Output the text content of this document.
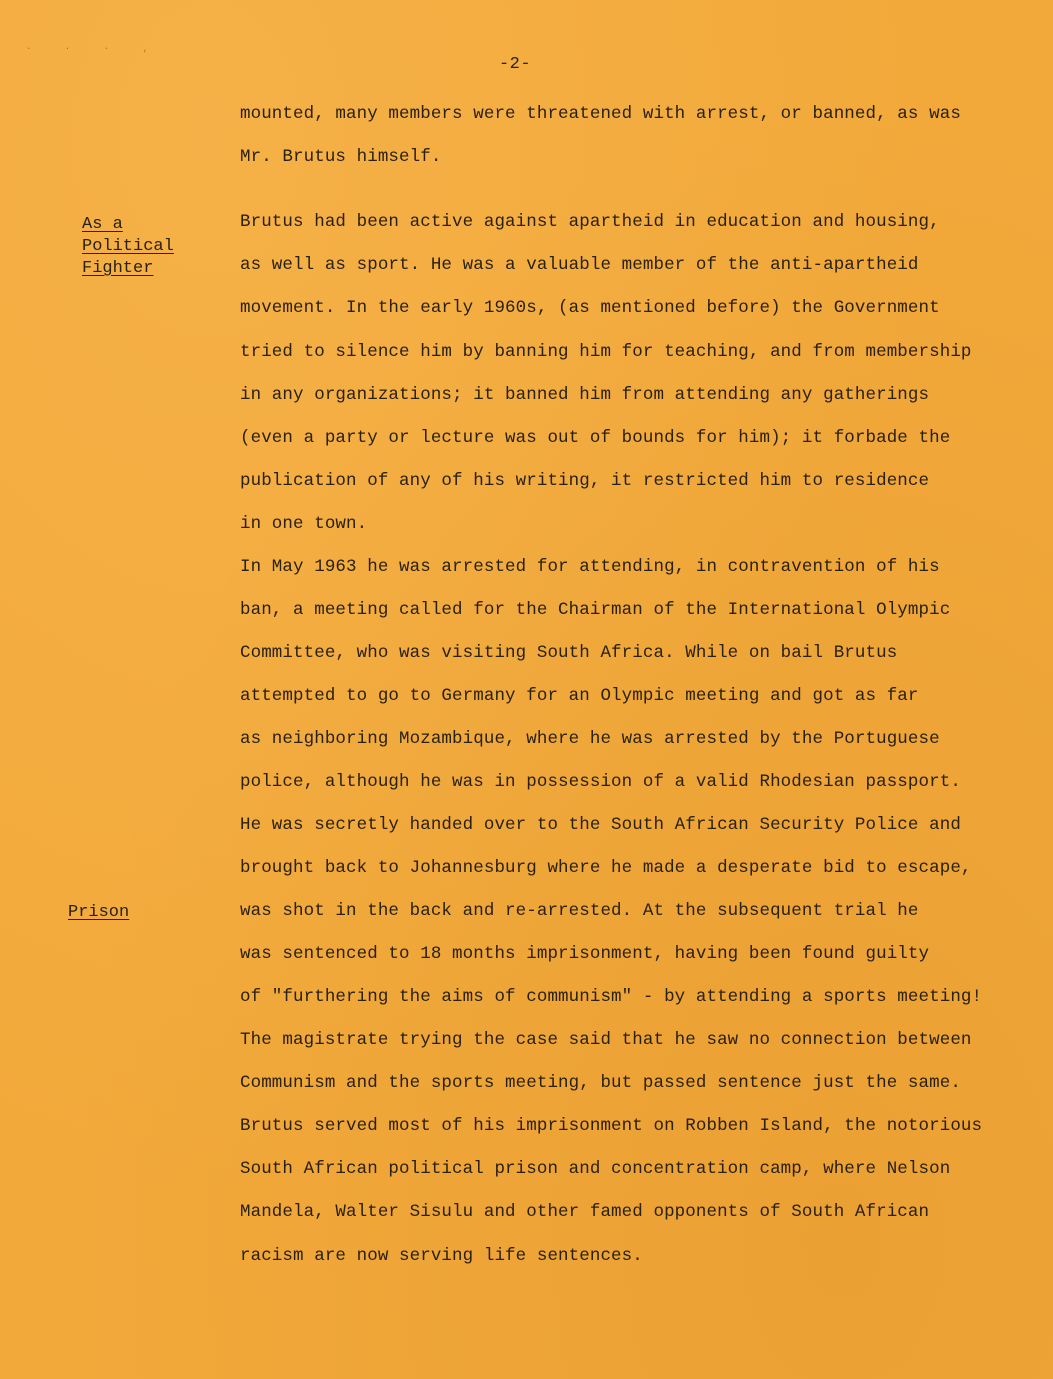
· · · ‚
-2-
As a
Political
Fighter
Prison
mounted, many members were threatened with arrest, or banned, as was
Mr. Brutus himself.
Brutus had been active against apartheid in education and housing,
as well as sport. He was a valuable member of the anti-apartheid
movement. In the early 1960s, (as mentioned before) the Government
tried to silence him by banning him for teaching, and from membership
in any organizations; it banned him from attending any gatherings
(even a party or lecture was out of bounds for him); it forbade the
publication of any of his writing, it restricted him to residence
in one town.
In May 1963 he was arrested for attending, in contravention of his
ban, a meeting called for the Chairman of the International Olympic
Committee, who was visiting South Africa. While on bail Brutus
attempted to go to Germany for an Olympic meeting and got as far
as neighboring Mozambique, where he was arrested by the Portuguese
police, although he was in possession of a valid Rhodesian passport.
He was secretly handed over to the South African Security Police and
brought back to Johannesburg where he made a desperate bid to escape,
was shot in the back and re-arrested. At the subsequent trial he
was sentenced to 18 months imprisonment, having been found guilty
of "furthering the aims of communism" - by attending a sports meeting!
The magistrate trying the case said that he saw no connection between
Communism and the sports meeting, but passed sentence just the same.
Brutus served most of his imprisonment on Robben Island, the notorious
South African political prison and concentration camp, where Nelson
Mandela, Walter Sisulu and other famed opponents of South African
racism are now serving life sentences.
